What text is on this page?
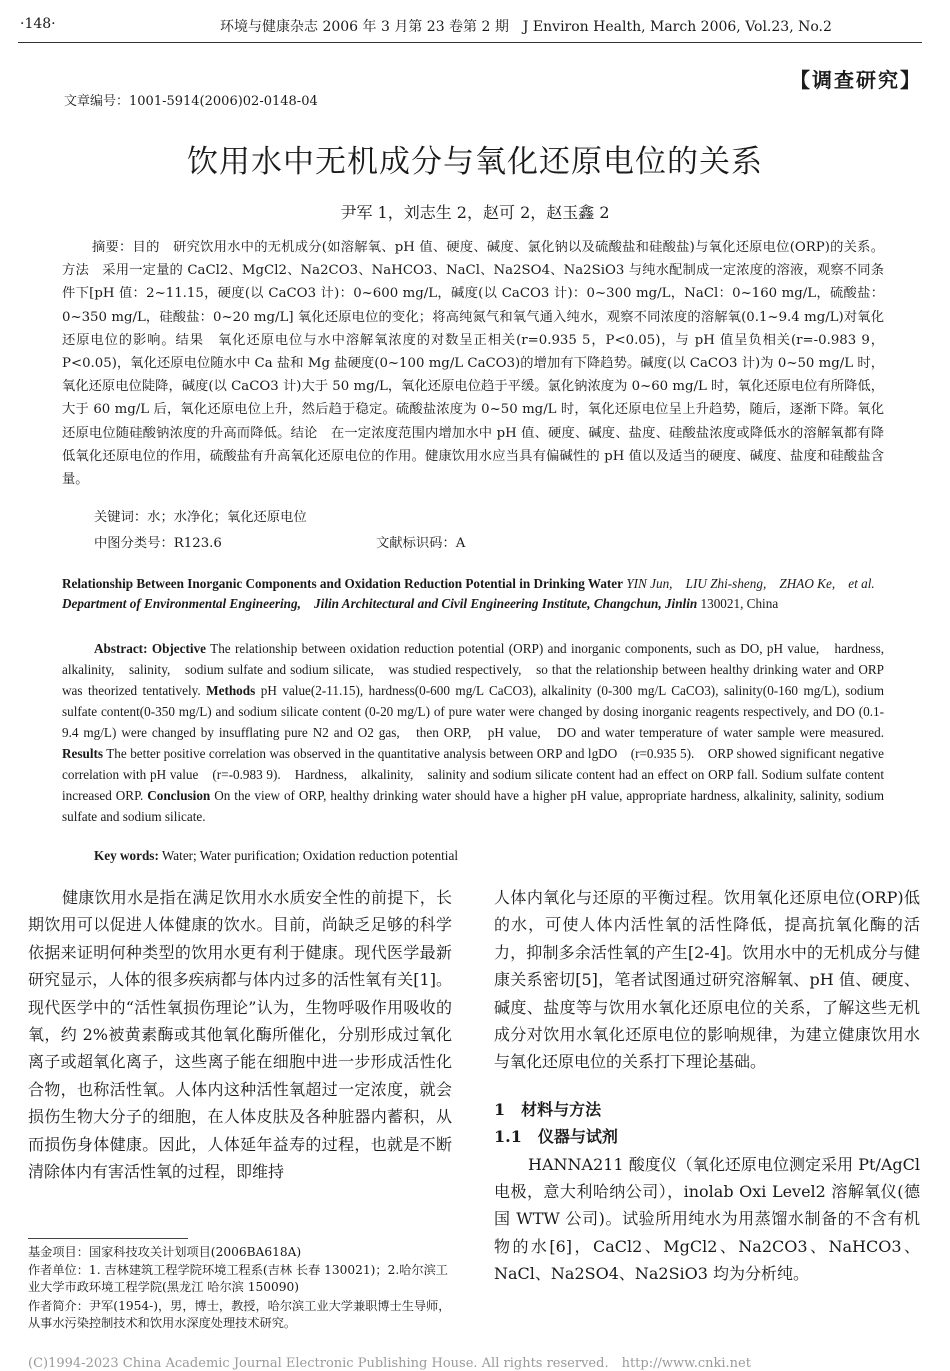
·148·	环境与健康杂志 2006 年 3 月第 23 卷第 2 期　J Environ Health, March 2006, Vol.23, No.2
【调查研究】
文章编号：1001-5914(2006)02-0148-04
饮用水中无机成分与氧化还原电位的关系
尹军 1，刘志生 2，赵可 2，赵玉鑫 2
摘要：目的　研究饮用水中的无机成分(如溶解氧、pH 值、硬度、碱度、氯化钠以及硫酸盐和硅酸盐)与氧化还原电位(ORP)的关系。方法　采用一定量的 CaCl2、MgCl2、Na2CO3、NaHCO3、NaCl、Na2SO4、Na2SiO3 与纯水配制成一定浓度的溶液，观察不同条件下[pH 值：2~11.15，硬度(以 CaCO3 计)：0~600 mg/L，碱度(以 CaCO3 计)：0~300 mg/L，NaCl：0~160 mg/L，硫酸盐：0~350 mg/L，硅酸盐：0~20 mg/L] 氧化还原电位的变化；将高纯氮气和氧气通入纯水，观察不同浓度的溶解氧(0.1~9.4 mg/L)对氧化还原电位的影响。结果　氧化还原电位与水中溶解氧浓度的对数呈正相关(r=0.935 5，P<0.05)，与 pH 值呈负相关(r=-0.983 9，P<0.05)，氧化还原电位随水中 Ca 盐和 Mg 盐硬度(0~100 mg/L CaCO3)的增加有下降趋势。碱度(以 CaCO3 计)为 0~50 mg/L 时，氧化还原电位陡降，碱度(以 CaCO3 计)大于 50 mg/L，氧化还原电位趋于平缓。氯化钠浓度为 0~60 mg/L 时，氧化还原电位有所降低，大于 60 mg/L 后，氧化还原电位上升，然后趋于稳定。硫酸盐浓度为 0~50 mg/L 时，氧化还原电位呈上升趋势，随后，逐渐下降。氧化还原电位随硅酸钠浓度的升高而降低。结论　在一定浓度范围内增加水中 pH 值、硬度、碱度、盐度、硅酸盐浓度或降低水的溶解氧都有降低氧化还原电位的作用，硫酸盐有升高氧化还原电位的作用。健康饮用水应当具有偏碱性的 pH 值以及适当的硬度、碱度、盐度和硅酸盐含量。
关键词：水；水净化；氧化还原电位
中图分类号：R123.6	文献标识码：A
Relationship Between Inorganic Components and Oxidation Reduction Potential in Drinking Water YIN Jun,　LIU Zhi-sheng,　ZHAO Ke,　et al. Department of Environmental Engineering,　Jilin Architectural and Civil Engineering Institute, Changchun, Jinlin 130021, China
Abstract: Objective The relationship between oxidation reduction potential (ORP) and inorganic components, such as DO, pH value,　hardness,　alkalinity,　salinity,　sodium sulfate and sodium silicate,　was studied respectively,　so that the relationship between healthy drinking water and ORP was theorized tentatively. Methods pH value(2-11.15), hardness(0-600 mg/L CaCO3), alkalinity (0-300 mg/L CaCO3), salinity(0-160 mg/L), sodium sulfate content(0-350 mg/L) and sodium silicate content (0-20 mg/L) of pure water were changed by dosing inorganic reagents respectively, and DO (0.1-9.4 mg/L) were changed by insufflating pure N2 and O2 gas,　then ORP,　pH value,　DO and water temperature of water sample were measured. Results The better positive correlation was observed in the quantitative analysis between ORP and lgDO　(r=0.935 5).　ORP showed significant negative correlation with pH value　(r=-0.983 9).　Hardness,　alkalinity,　salinity and sodium silicate content had an effect on ORP fall. Sodium sulfate content increased ORP. Conclusion On the view of ORP, healthy drinking water should have a higher pH value, appropriate hardness, alkalinity, salinity, sodium sulfate and sodium silicate.
Key words: Water; Water purification; Oxidation reduction potential

健康饮用水是指在满足饮用水水质安全性的前提下，长期饮用可以促进人体健康的饮水。目前，尚缺乏足够的科学依据来证明何种类型的饮用水更有利于健康。现代医学最新研究显示，人体的很多疾病都与体内过多的活性氧有关[1]。现代医学中的“活性氧损伤理论”认为，生物呼吸作用吸收的氧，约 2%被黄素酶或其他氧化酶所催化，分别形成过氧化离子或超氧化离子，这些离子能在细胞中进一步形成活性化合物，也称活性氧。人体内这种活性氧超过一定浓度，就会损伤生物大分子的细胞，在人体皮肤及各种脏器内蓄积，从而损伤身体健康。因此，人体延年益寿的过程，也就是不断清除体内有害活性氧的过程，即维持

人体内氧化与还原的平衡过程。饮用氧化还原电位(ORP)低的水，可使人体内活性氧的活性降低，提高抗氧化酶的活力，抑制多余活性氧的产生[2-4]。饮用水中的无机成分与健康关系密切[5]，笔者试图通过研究溶解氧、pH 值、硬度、碱度、盐度等与饮用水氧化还原电位的关系，了解这些无机成分对饮用水氧化还原电位的影响规律，为建立健康饮用水与氧化还原电位的关系打下理论基础。

1　材料与方法

1.1　仪器与试剂

HANNA211 酸度仪（氧化还原电位测定采用 Pt/AgCl 电极，意大利哈纳公司），inolab Oxi Level2 溶解氧仪(德国 WTW 公司)。试验所用纯水为用蒸馏水制备的不含有机物的水[6]，CaCl2、MgCl2、Na2CO3、NaHCO3、NaCl、Na2SO4、Na2SiO3 均为分析纯。

基金项目：国家科技攻关计划项目(2006BA618A)
作者单位：1. 吉林建筑工程学院环境工程系(吉林 长春 130021)；2.哈尔滨工业大学市政环境工程学院(黑龙江 哈尔滨 150090)
作者简介：尹军(1954-)，男，博士，教授，哈尔滨工业大学兼职博士生导师，从事水污染控制技术和饮用水深度处理技术研究。
(C)1994-2023 China Academic Journal Electronic Publishing House. All rights reserved.　http://www.cnki.net
